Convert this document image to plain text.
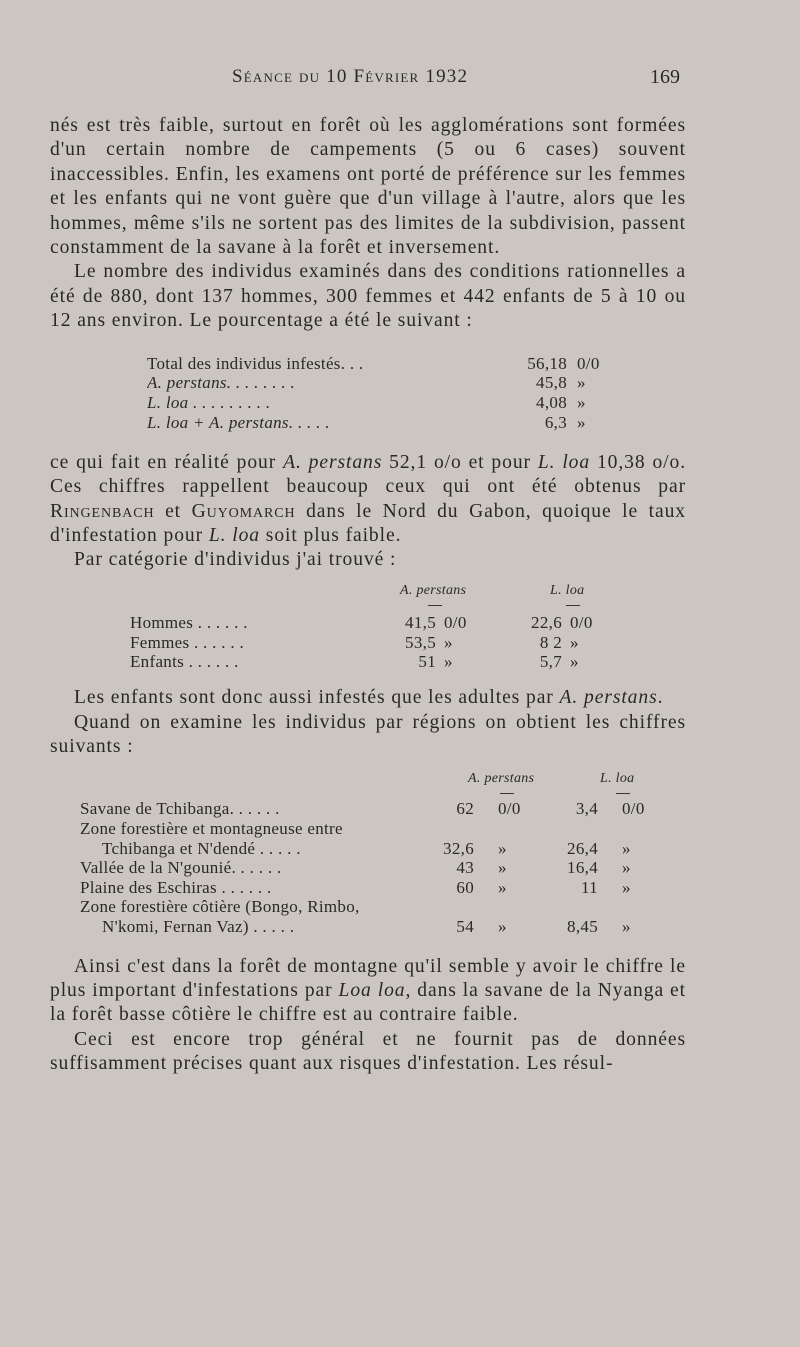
Séance du 10 Février 1932	169

nés est très faible, surtout en forêt où les agglomérations sont formées d'un certain nombre de campements (5 ou 6 cases) souvent inaccessibles. Enfin, les examens ont porté de préférence sur les femmes et les enfants qui ne vont guère que d'un village à l'autre, alors que les hommes, même s'ils ne sortent pas des limites de la subdivision, passent constamment de la savane à la forêt et inversement.

Le nombre des individus examinés dans des conditions rationnelles a été de 880, dont 137 hommes, 300 femmes et 442 enfants de 5 à 10 ou 12 ans environ. Le pourcentage a été le suivant :

Total des individus infestés. . .	56,18 0/0
A. perstans. . . . . . . .	45,8 »
L. loa . . . . . . . . .	4,08 »
L. loa + A. perstans. . . . .	6,3 »

ce qui fait en réalité pour A. perstans 52,1 o/o et pour L. loa 10,38 o/o. Ces chiffres rappellent beaucoup ceux qui ont été obtenus par Ringenbach et Guyomarch dans le Nord du Gabon, quoique le taux d'infestation pour L. loa soit plus faible.

Par catégorie d'individus j'ai trouvé :

A. perstans	L. loa
Hommes . . . . . .	41,5 0/0	22,6 0/0
Femmes . . . . . .	53,5 »	8 2 »
Enfants . . . . . .	51 »	5,7 »

Les enfants sont donc aussi infestés que les adultes par A. perstans.

Quand on examine les individus par régions on obtient les chiffres suivants :

A. perstans	L. loa
Savane de Tchibanga. . . . . .	62	0/0	3,4	0/0
Zone forestière et montagneuse entre
Tchibanga et N'dendé . . . . .	32,6	»	26,4	»
Vallée de la N'gounié. . . . . .	43	»	16,4	»
Plaine des Eschiras . . . . . .	60	»	11	»
Zone forestière côtière (Bongo, Rimbo,
N'komi, Fernan Vaz) . . . . .	54	»	8,45	»

Ainsi c'est dans la forêt de montagne qu'il semble y avoir le chiffre le plus important d'infestations par Loa loa, dans la savane de la Nyanga et la forêt basse côtière le chiffre est au contraire faible.

Ceci est encore trop général et ne fournit pas de données suffisamment précises quant aux risques d'infestation. Les résul-
